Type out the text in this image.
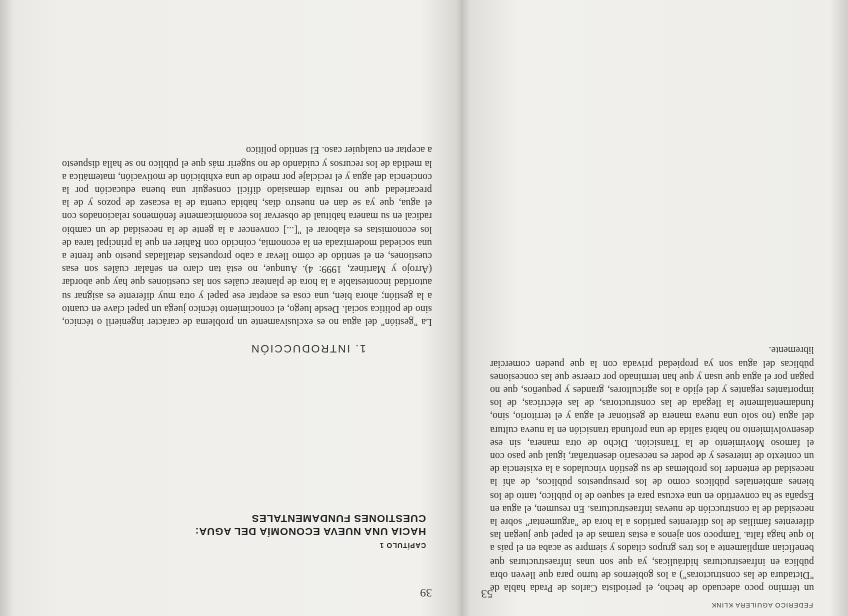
39
CAPÍTULO 1
HACIA UNA NUEVA ECONOMÍA DEL AGUA:
CUESTIONES FUNDAMENTALES
1. INTRODUCCIÓN

La "gestión" del agua no es exclusivamente un problema de carácter ingenieril o técnico, sino de política social. Desde luego, el conocimiento técnico juega un papel clave en cuanto a la gestión; ahora bien, una cosa es aceptar ese papel y otra muy diferente es asignar su autoridad incontestable a la hora de plantear cuáles son las cuestiones que hay que abordar (Arrojo y Martínez, 1999: 4). Aunque, no está tan claro en señalar cuáles son esas cuestiones, en el sentido de cómo llevar a cabo propuestas detalladas puesto que frente a una sociedad modernizada en la economía, coincido con Rahier en que la principal tarea de los economistas es elaborar el "[...] convencer a la gente de la necesidad de un cambio radical en su manera habitual de observar los económicamente fenómenos relacionados con el agua, que ya se dan en nuestro días, habida cuenta de la escasez de pozos y de la precariedad que no resulta demasiado difícil conseguir una buena educación por la conciencia del agua y el reciclaje por medio de una exhibición de motivación, matemática a la medida de los recursos y cuidando de no sugerir más que el público no se halla dispuesto a aceptar en cualquier caso. El sentido político

FEDERICO AGUILERA KLINK

un término poco adecuado de hecho, el periodista Carlos de Prada habla de "Dictadura de las constructoras") a los gobiernos de turno para que lleven obra pública en infraestructuras hidráulicas, ya que son unas infraestructuras que benefician ampliamente a los tres grupos citados y siempre se acaba en el país a lo que haga falta. Tampoco son ajenos a estas tramas de el papel que juegan las diferentes familias de los diferentes partidos a la hora de "argumentar" sobre la necesidad de la construcción de nuevas infraestructuras. En resumen, el agua en España se ha convertido en una excusa para el saqueo de lo público, tanto de los bienes ambientales públicos como de los presupuestos públicos, de ahí la necesidad de entender los problemas de su gestión vinculados a la existencia de un contexto de intereses y de poder es necesario desentrañar, igual que paso con el famoso Movimiento de la Transición. Dicho de otra manera, sin ese desenvolvimiento no habrá salida de una profunda transición en la nueva cultura del agua (no solo una nueva manera de gestionar el agua y el territorio, sino, fundamentalmente la llegada de las constructoras, de las eléctricas, de los importantes regantes y del ejido a los agricultores, grandes y pequeños, que no pagan por el agua que usan y que han terminado por creerse que las concesiones públicas del agua son ya propiedad privada con la que pueden comerciar libremente.

53
